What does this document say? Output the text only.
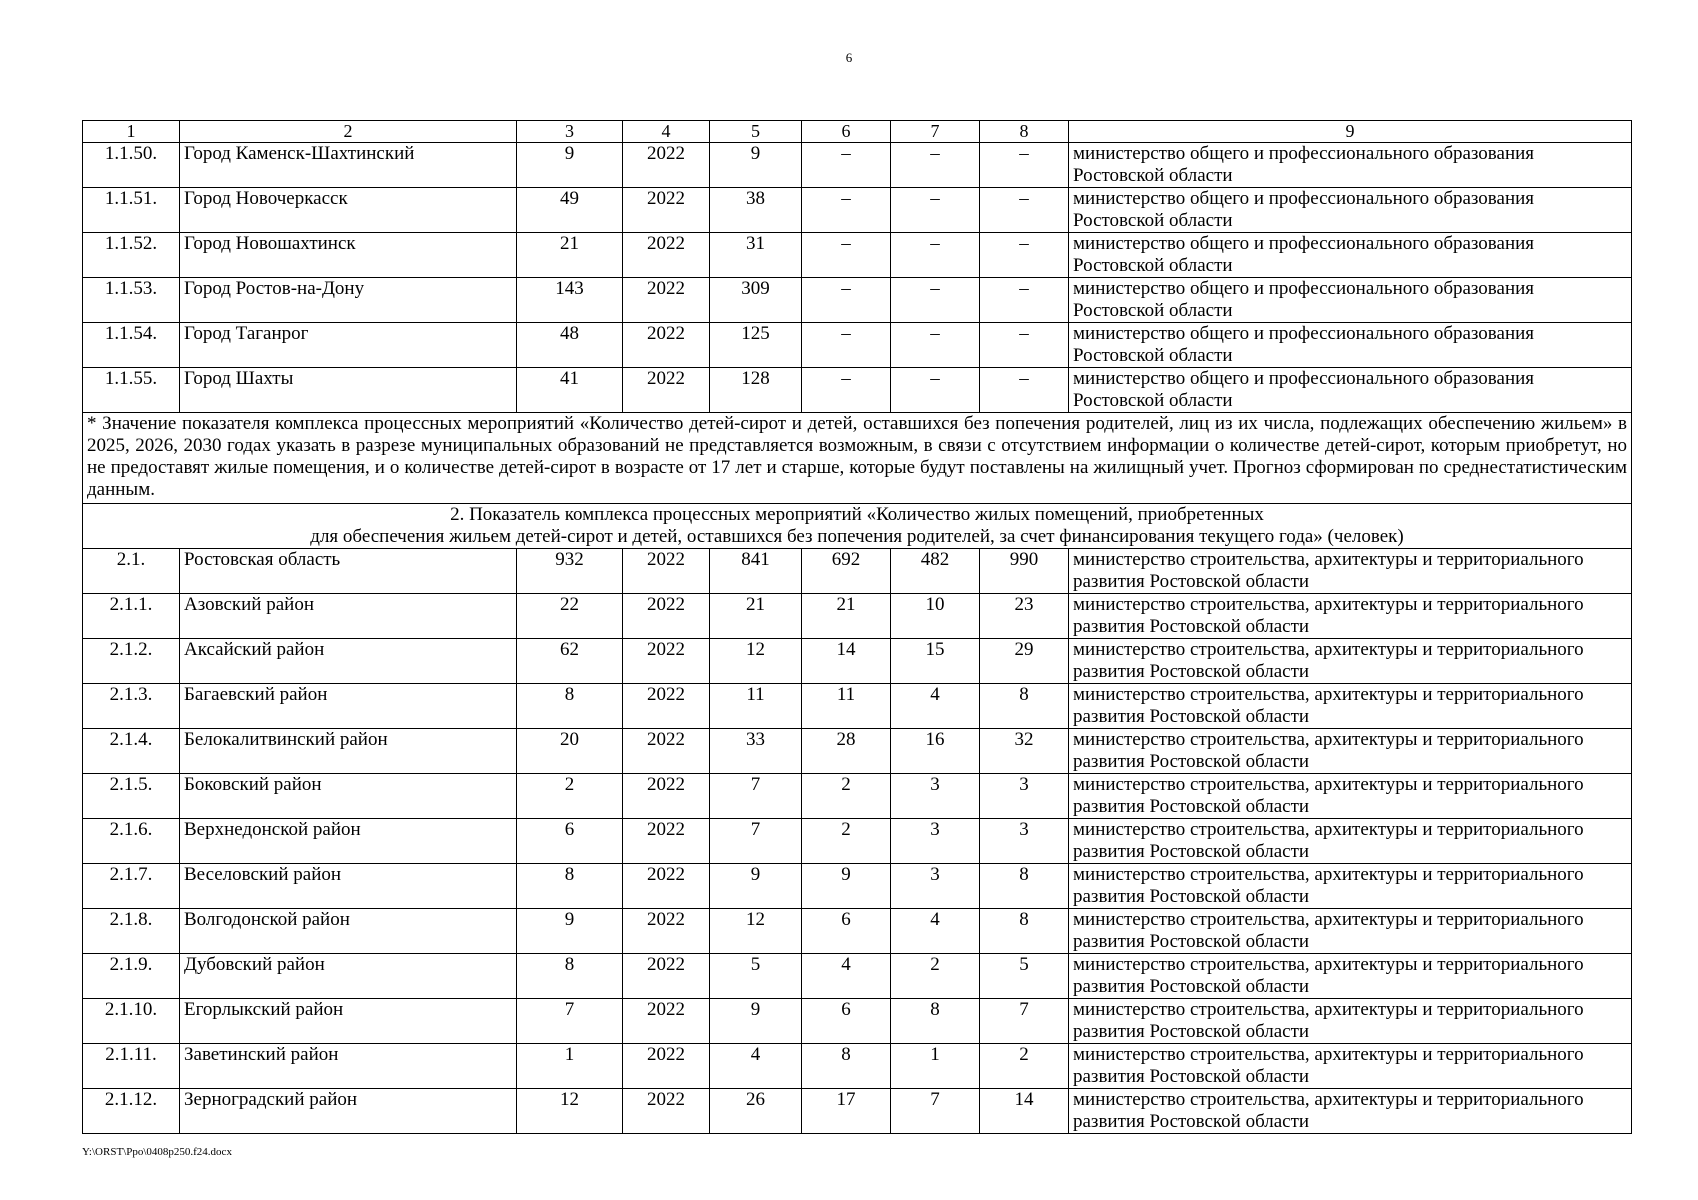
6
1	2	3	4	5	6	7	8	9
1.1.50.	Город Каменск-Шахтинский	9	2022	9	–	–	–	министерство общего и профессионального образования
Ростовской области

1.1.51.	Город Новочеркасск	49	2022	38	–	–	–	министерство общего и профессионального образования
Ростовской области

1.1.52.	Город Новошахтинск	21	2022	31	–	–	–	министерство общего и профессионального образования
Ростовской области

1.1.53.	Город Ростов-на-Дону	143	2022	309	–	–	–	министерство общего и профессионального образования
Ростовской области

1.1.54.	Город Таганрог	48	2022	125	–	–	–	министерство общего и профессионального образования
Ростовской области

1.1.55.	Город Шахты	41	2022	128	–	–	–	министерство общего и профессионального образования
Ростовской области

* Значение показателя комплекса процессных мероприятий «Количество детей-сирот и детей, оставшихся без попечения родителей, лиц из их числа, подлежащих обеспечению жильем» в 2025, 2026, 2030 годах указать в разрезе муниципальных образований не представляется возможным, в связи с отсутствием информации о количестве детей-сирот, которым приобретут, но не предоставят жилые помещения, и о количестве детей-сирот в возрасте от 17 лет и старше, которые будут поставлены на жилищный учет. Прогноз сформирован по среднестатистическим данным.								

2. Показатель комплекса процессных мероприятий «Количество жилых помещений, приобретенных
для обеспечения жильем детей-сирот и детей, оставшихся без попечения родителей, за счет финансирования текущего года» (человек)								

2.1.	Ростовская область	932	2022	841	692	482	990	министерство строительства, архитектуры и территориального
развития Ростовской области

2.1.1.	Азовский район	22	2022	21	21	10	23	министерство строительства, архитектуры и территориального
развития Ростовской области

2.1.2.	Аксайский район	62	2022	12	14	15	29	министерство строительства, архитектуры и территориального
развития Ростовской области

2.1.3.	Багаевский район	8	2022	11	11	4	8	министерство строительства, архитектуры и территориального
развития Ростовской области

2.1.4.	Белокалитвинский район	20	2022	33	28	16	32	министерство строительства, архитектуры и территориального
развития Ростовской области

2.1.5.	Боковский район	2	2022	7	2	3	3	министерство строительства, архитектуры и территориального
развития Ростовской области

2.1.6.	Верхнедонской район	6	2022	7	2	3	3	министерство строительства, архитектуры и территориального
развития Ростовской области

2.1.7.	Веселовский район	8	2022	9	9	3	8	министерство строительства, архитектуры и территориального
развития Ростовской области

2.1.8.	Волгодонской район	9	2022	12	6	4	8	министерство строительства, архитектуры и территориального
развития Ростовской области

2.1.9.	Дубовский район	8	2022	5	4	2	5	министерство строительства, архитектуры и территориального
развития Ростовской области

2.1.10.	Егорлыкский район	7	2022	9	6	8	7	министерство строительства, архитектуры и территориального
развития Ростовской области

2.1.11.	Заветинский район	1	2022	4	8	1	2	министерство строительства, архитектуры и территориального
развития Ростовской области

2.1.12.	Зерноградский район	12	2022	26	17	7	14	министерство строительства, архитектуры и территориального
развития Ростовской области
Y:\ORST\Ppo\0408p250.f24.docx
